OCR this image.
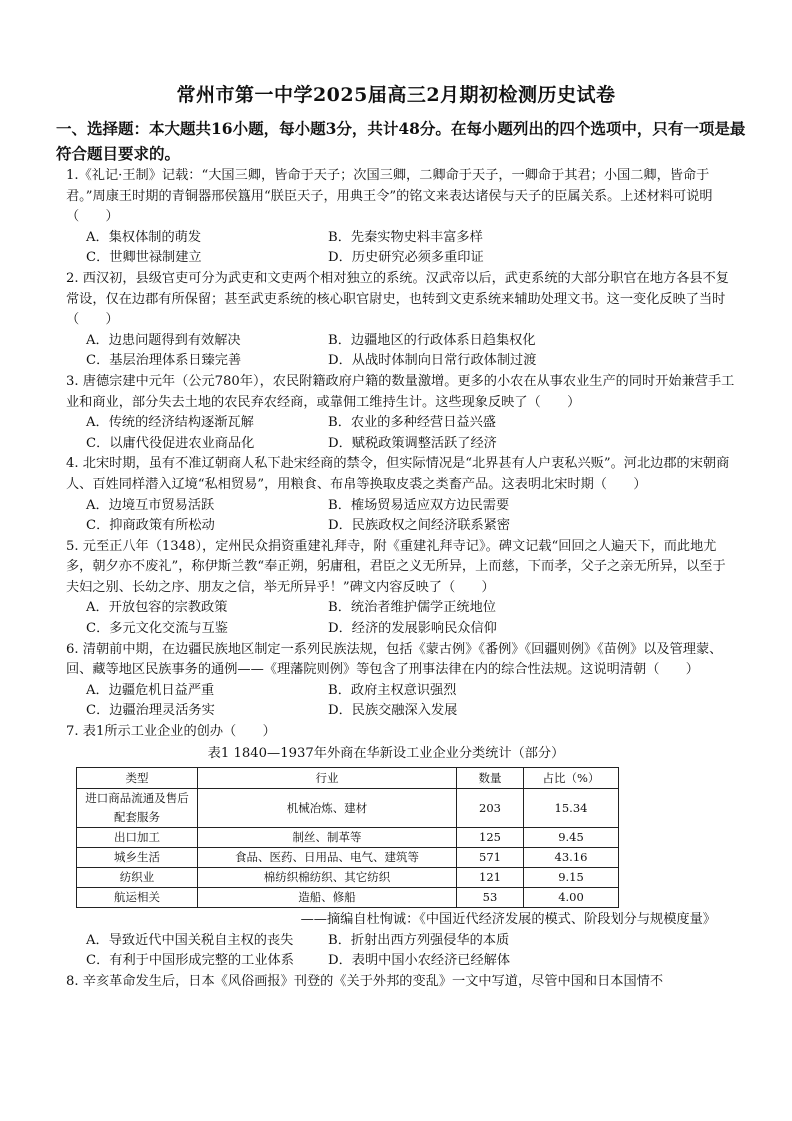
常州市第一中学2025届高三2月期初检测历史试卷
一、选择题：本大题共16小题，每小题3分，共计48分。在每小题列出的四个选项中，只有一项是最符合题目要求的。

1.《礼记·王制》记载：“大国三卿，皆命于天子；次国三卿，二卿命于天子，一卿命于其君；小国二卿，皆命于君。”周康王时期的青铜器邢侯簋用“朕臣天子，用典王令”的铭文来表达诸侯与天子的臣属关系。上述材料可说明（　　）

A．集权体制的萌发	B．先秦实物史料丰富多样
C．世卿世禄制建立	D．历史研究必须多重印证

2. 西汉初，县级官吏可分为武吏和文吏两个相对独立的系统。汉武帝以后，武吏系统的大部分职官在地方各县不复常设，仅在边郡有所保留；甚至武吏系统的核心职官尉史，也转到文吏系统来辅助处理文书。这一变化反映了当时（　　）

A．边患问题得到有效解决	B．边疆地区的行政体系日趋集权化
C．基层治理体系日臻完善	D．从战时体制向日常行政体制过渡

3. 唐德宗建中元年（公元780年），农民附籍政府户籍的数量激增。更多的小农在从事农业生产的同时开始兼营手工业和商业，部分失去土地的农民弃农经商，或靠佣工维持生计。这些现象反映了（　　）

A．传统的经济结构逐渐瓦解	B．农业的多种经营日益兴盛
C．以庸代役促进农业商品化	D．赋税政策调整活跃了经济

4. 北宋时期，虽有不准辽朝商人私下赴宋经商的禁令，但实际情况是“北界甚有人户衷私兴贩”。河北边郡的宋朝商人、百姓同样潜入辽境“私相贸易”，用粮食、布帛等换取皮裘之类畜产品。这表明北宋时期（　　）

A．边境互市贸易活跃	B．榷场贸易适应双方边民需要
C．抑商政策有所松动	D．民族政权之间经济联系紧密

5. 元至正八年（1348），定州民众捐资重建礼拜寺，附《重建礼拜寺记》。碑文记载“回回之人遍天下，而此地尤多，朝夕亦不废礼”，称伊斯兰教“奉正朔，躬庸租，君臣之义无所异，上而慈，下而孝，父子之亲无所异，以至于夫妇之别、长幼之序、朋友之信，举无所异乎！”碑文内容反映了（　　）

A．开放包容的宗教政策	B．统治者维护儒学正统地位
C．多元文化交流与互鉴	D．经济的发展影响民众信仰

6. 清朝前中期，在边疆民族地区制定一系列民族法规，包括《蒙古例》《番例》《回疆则例》《苗例》以及管理蒙、回、藏等地区民族事务的通例——《理藩院则例》等包含了刑事法律在内的综合性法规。这说明清朝（　　）

A．边疆危机日益严重	B．政府主权意识强烈
C．边疆治理灵活务实	D．民族交融深入发展

7. 表1所示工业企业的创办（　　）

表1 1840—1937年外商在华新设工业企业分类统计（部分）
类型	行业	数量	占比（%）
进口商品流通及售后配套服务	机械冶炼、建材	203	15.34
出口加工	制丝、制革等	125	9.45
城乡生活	食品、医药、日用品、电气、建筑等	571	43.16
纺织业	棉纺织棉纺织、其它纺织	121	9.15
航运相关	造船、修船	53	4.00
——摘编自杜恂诚：《中国近代经济发展的模式、阶段划分与规模度量》
A．导致近代中国关税自主权的丧失	B．折射出西方列强侵华的本质
C．有利于中国形成完整的工业体系	D．表明中国小农经济已经解体

8. 辛亥革命发生后，日本《风俗画报》刊登的《关于外邦的变乱》一文中写道，尽管中国和日本国情不
